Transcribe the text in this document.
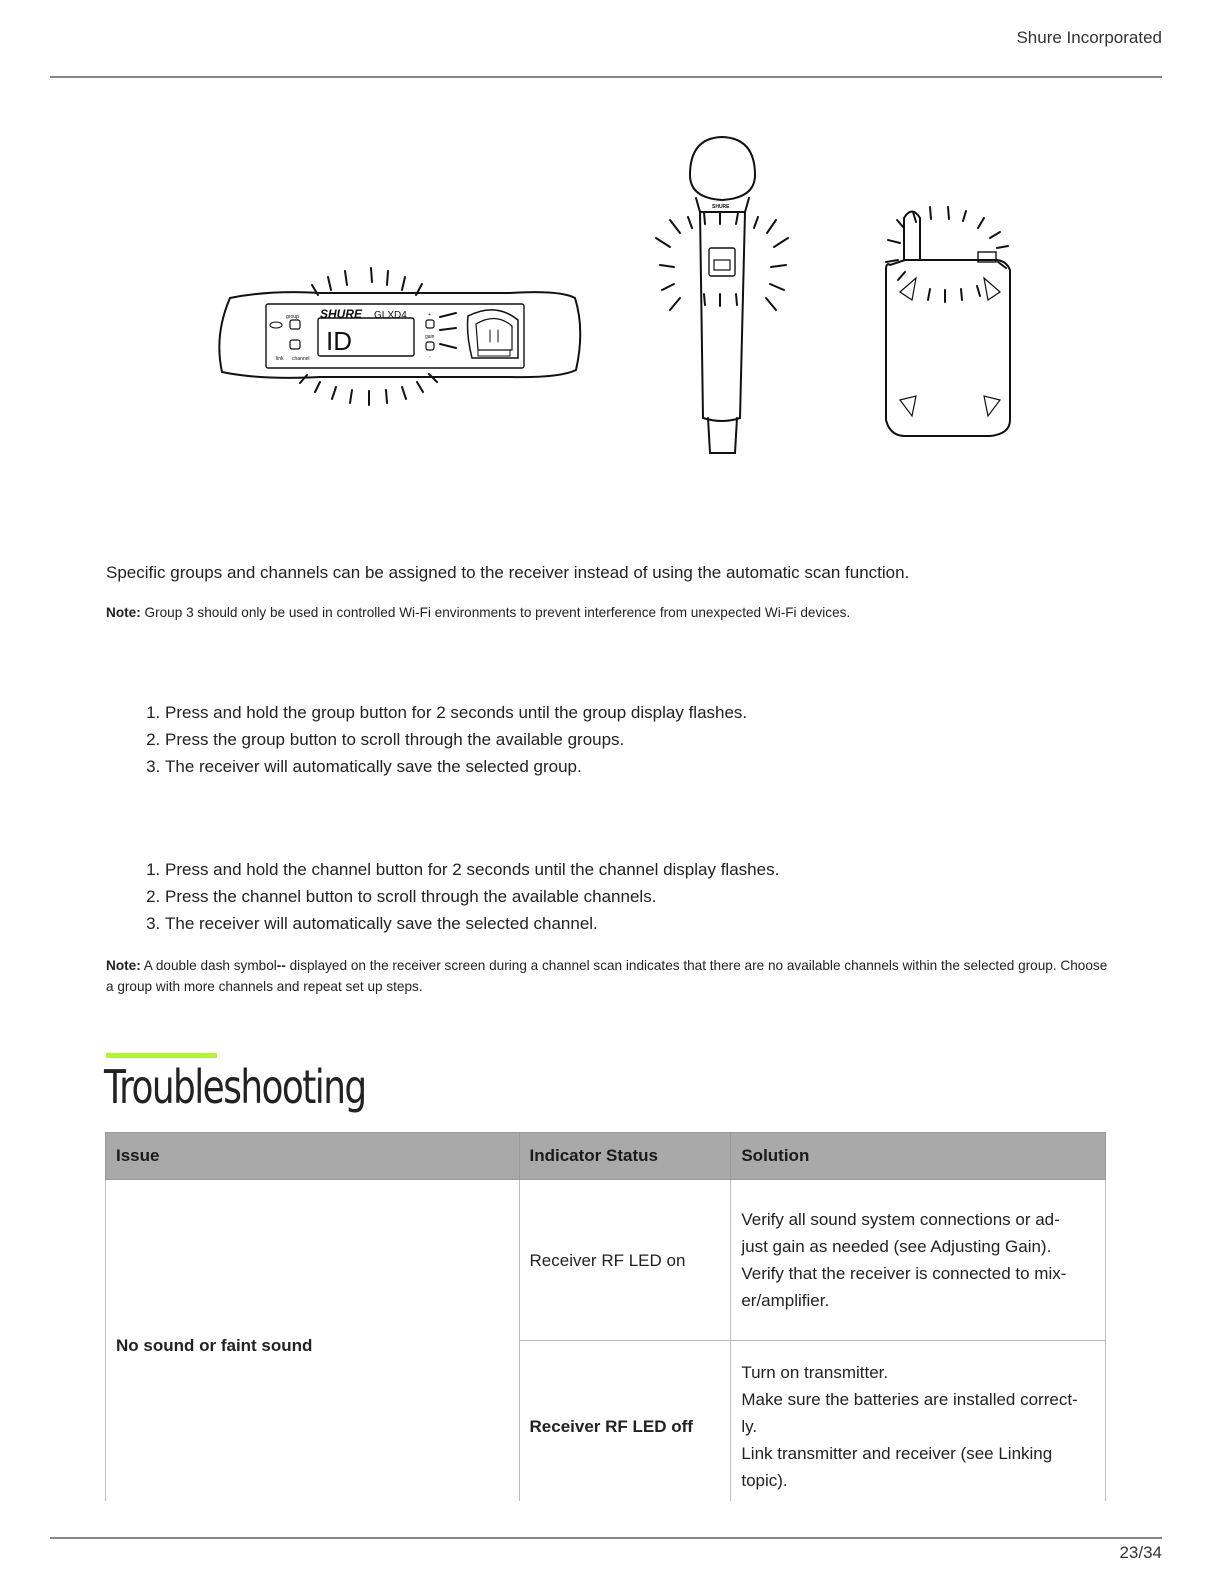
Shure Incorporated
SHURE GLXD4
ID
group
link channel
gain
+
-
SHURE

Specific groups and channels can be assigned to the receiver instead of using the automatic scan function.

Note: Group 3 should only be used in controlled Wi-Fi environments to prevent interference from unexpected Wi-Fi devices.

1. Press and hold the group button for 2 seconds until the group display flashes.
2. Press the group button to scroll through the available groups.
3. The receiver will automatically save the selected group.
1. Press and hold the channel button for 2 seconds until the channel display flashes.
2. Press the channel button to scroll through the available channels.
3. The receiver will automatically save the selected channel.

Note: A double dash symbol-- displayed on the receiver screen during a channel scan indicates that there are no available channels within the selected group. Choose a group with more channels and repeat set up steps.

Troubleshooting
Issue	Indicator Status	Solution
No sound or faint sound	Receiver RF LED on	Verify all sound system connections or ad-
just gain as needed (see Adjusting Gain).
Verify that the receiver is connected to mix-
er/amplifier.
	Receiver RF LED off	Turn on transmitter.
Make sure the batteries are installed correct-
ly.
Link transmitter and receiver (see Linking
topic).
23/34
